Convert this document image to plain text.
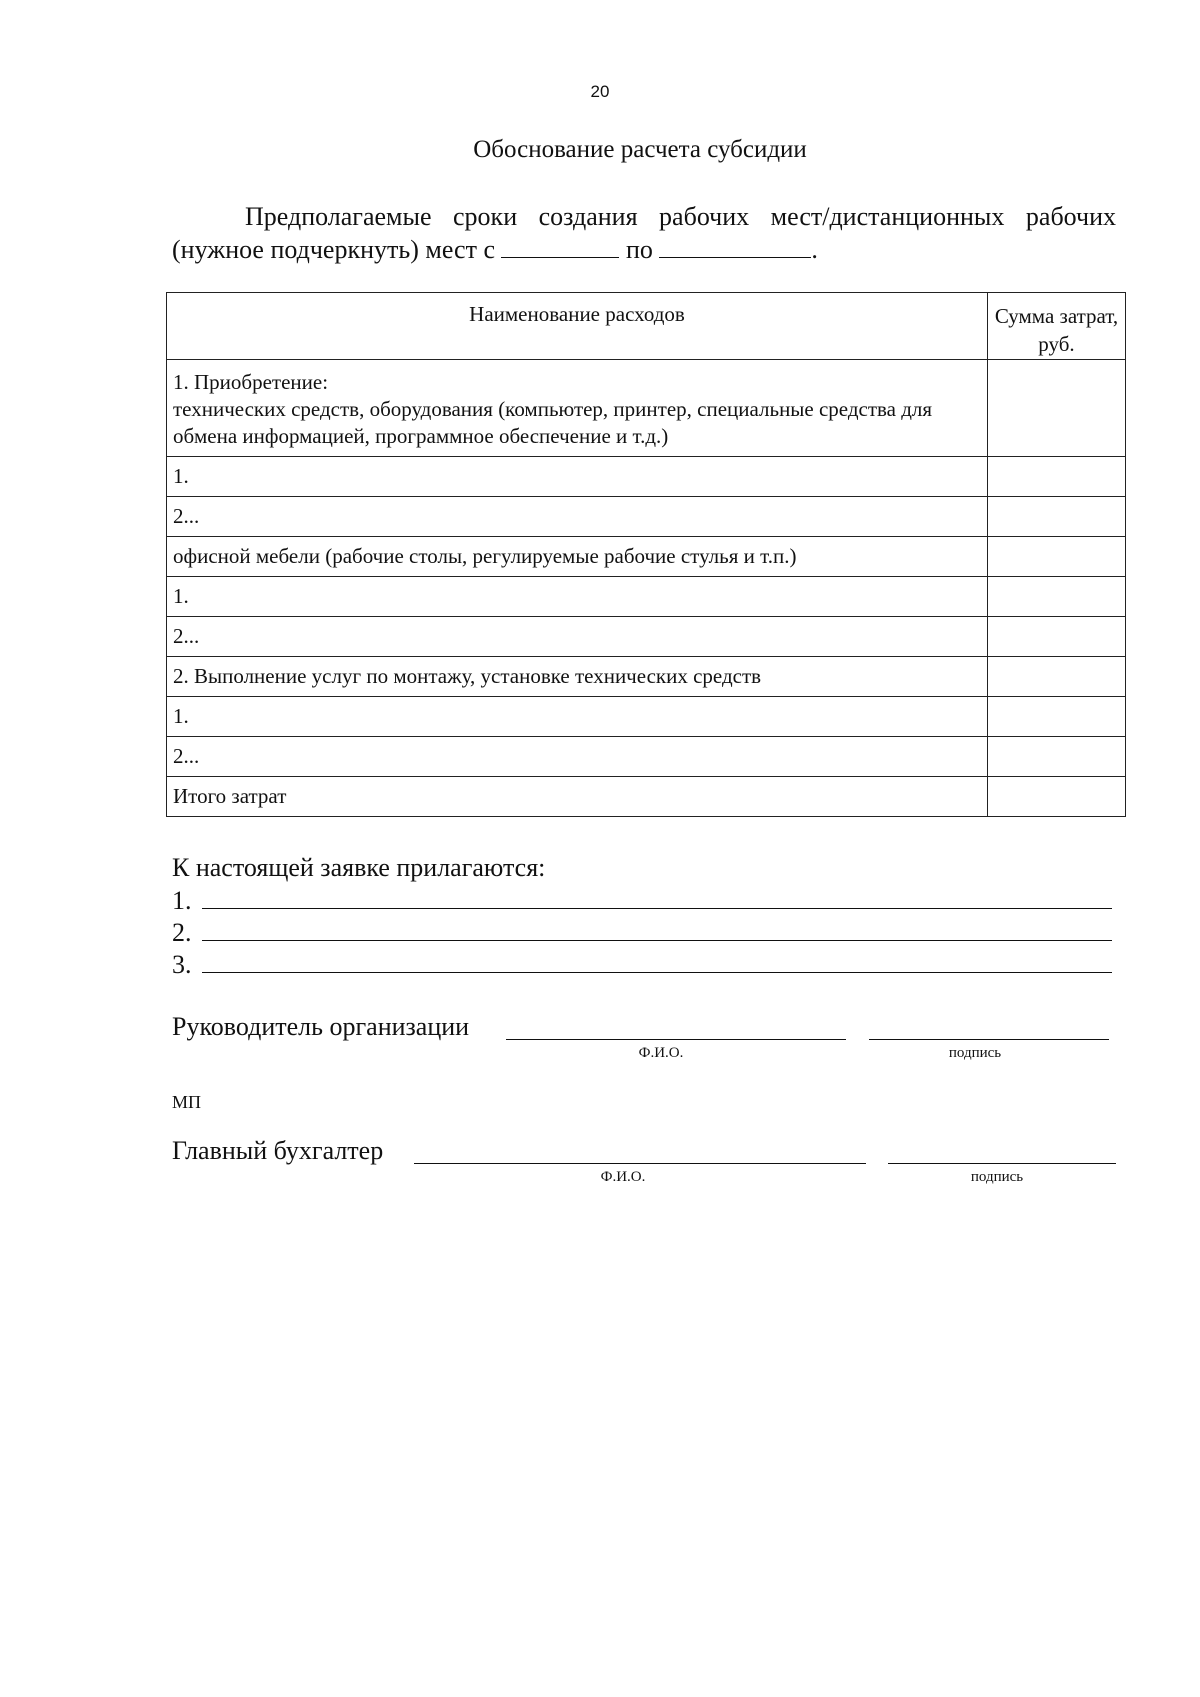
20
Обоснование расчета субсидии
Предполагаемые сроки создания рабочих мест/дистанционных рабочих
(нужное подчеркнуть) мест с	по	.
Наименование расходов	Сумма затрат, руб.

1. Приобретение:
технических средств, оборудования (компьютер, принтер, специальные средства для обмена информацией, программное обеспечение и т.д.)	

1.	
2...	
офисной мебели (рабочие столы, регулируемые рабочие стулья и т.п.)	
1.	
2...	
2. Выполнение услуг по монтажу, установке технических средств	
1.	
2...	
Итого затрат	
К настоящей заявке прилагаются:
1.
2.
3.
Руководитель организации
Ф.И.О.	подпись
МП
Главный бухгалтер
Ф.И.О.	подпись
